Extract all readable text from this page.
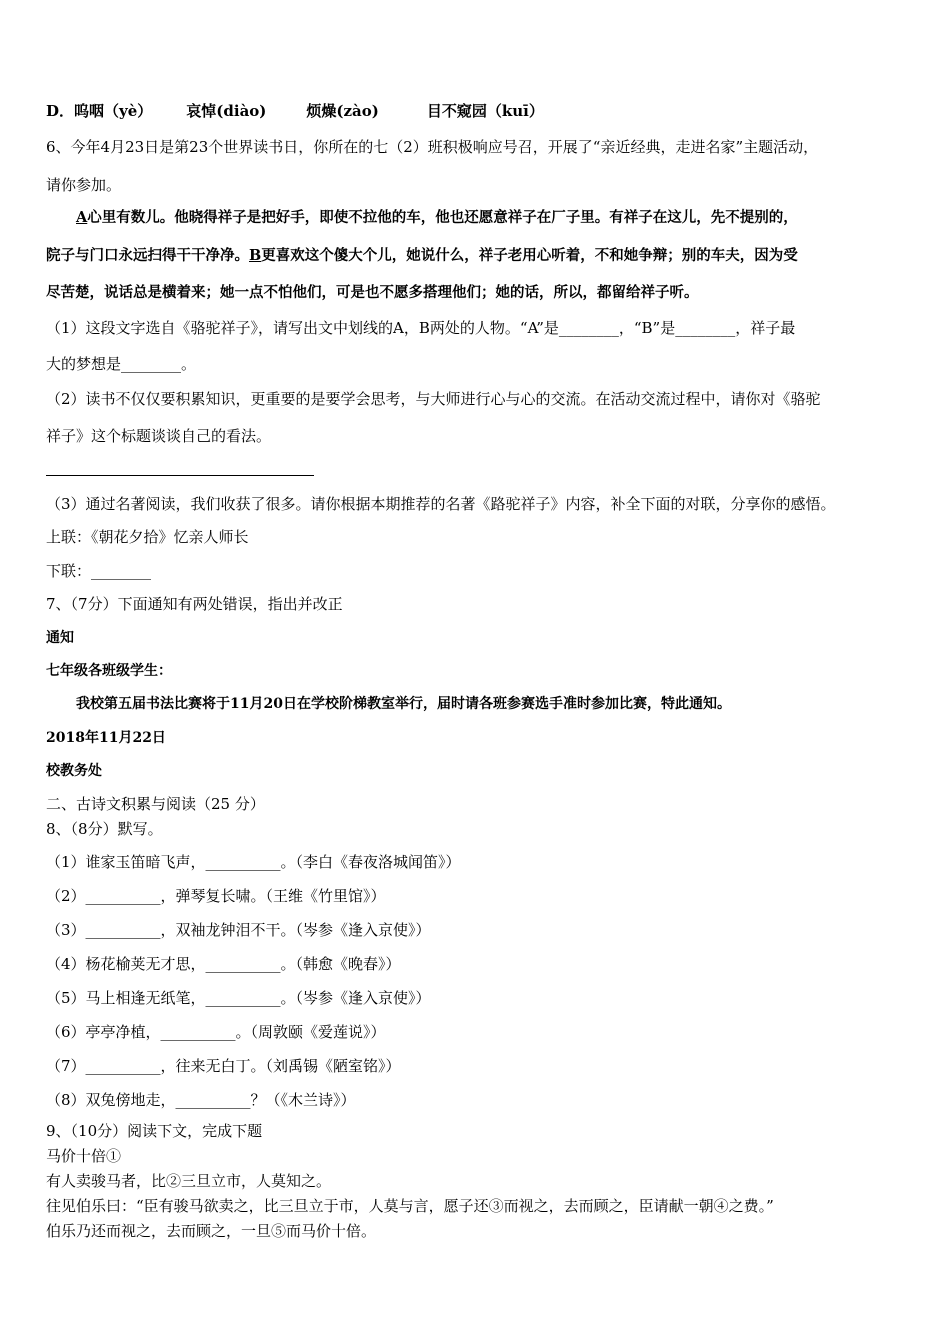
D．呜咽（yè） 哀悼(diào)	烦燥(zào)	目不窥园（kuī）
6、今年4月23日是第23个世界读书日，你所在的七（2）班积极响应号召，开展了“亲近经典，走进名家”主题活动，
请你参加。
A心里有数儿。他晓得祥子是把好手，即使不拉他的车，他也还愿意祥子在厂子里。有祥子在这儿，先不提别的，
院子与门口永远扫得干干净净。B更喜欢这个傻大个儿，她说什么，祥子老用心听着，不和她争辩；别的车夫，因为受
尽苦楚，说话总是横着来；她一点不怕他们，可是也不愿多搭理他们；她的话，所以，都留给祥子听。
（1）这段文字选自《骆驼祥子》，请写出文中划线的A，B两处的人物。“A”是________，“B”是________，祥子最
大的梦想是________。
（2）读书不仅仅要积累知识，更重要的是要学会思考，与大师进行心与心的交流。在活动交流过程中，请你对《骆驼
祥子》这个标题谈谈自己的看法。
（3）通过名著阅读，我们收获了很多。请你根据本期推荐的名著《路驼祥子》内容，补全下面的对联，分享你的感悟。
上联：《朝花夕拾》忆亲人师长
下联：________
7、（7分）下面通知有两处错误，指出并改正
通知
七年级各班级学生：
我校第五届书法比赛将于11月20日在学校阶梯教室举行，届时请各班参赛选手准时参加比赛，特此通知。
2018年11月22日
校教务处
二、古诗文积累与阅读（25 分）
8、（8分）默写。
（1）谁家玉笛暗飞声，__________。（李白《春夜洛城闻笛》）
（2）__________，弹琴复长啸。（王维《竹里馆》）
（3）__________，双袖龙钟泪不干。（岑参《逢入京使》）
（4）杨花榆荚无才思，__________。（韩愈《晚春》）
（5）马上相逢无纸笔，__________。（岑参《逢入京使》）
（6）亭亭净植，__________。（周敦颐《爱莲说》）
（7）__________，往来无白丁。（刘禹锡《陋室铭》）
（8）双兔傍地走，__________？（《木兰诗》）
9、（10分）阅读下文，完成下题
马价十倍①
有人卖骏马者，比②三旦立市，人莫知之。
往见伯乐曰：“臣有骏马欲卖之，比三旦立于市，人莫与言，愿子还③而视之，去而顾之，臣请献一朝④之费。”
伯乐乃还而视之，去而顾之，一旦⑤而马价十倍。
